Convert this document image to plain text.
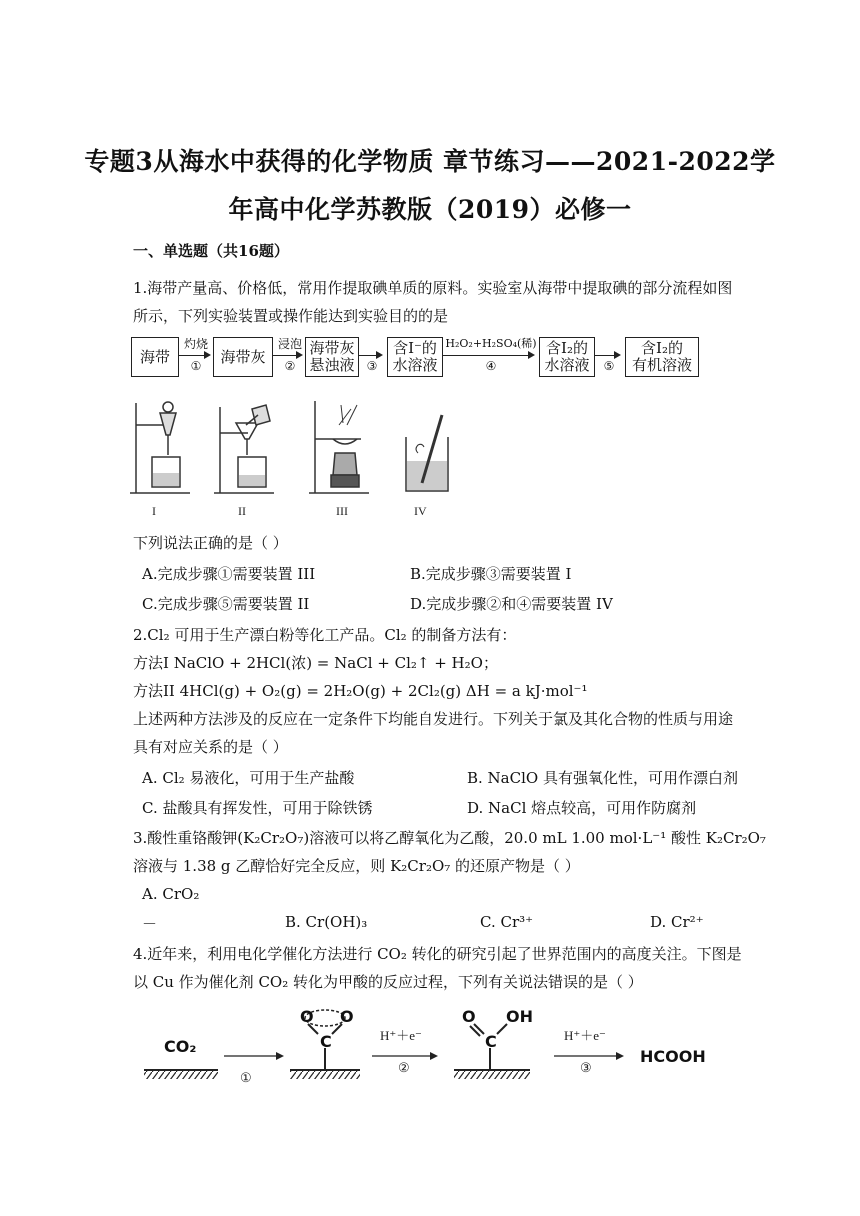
专题3从海水中获得的化学物质 章节练习——2021-2022学
年高中化学苏教版（2019）必修一
一、单选题（共16题）
1.海带产量高、价格低，常用作提取碘单质的原料。实验室从海带中提取碘的部分流程如图
所示，下列实验装置或操作能达到实验目的的是
海带
灼烧
①
海带灰
浸泡
②
海带灰
悬浊液	③
含I⁻的
水溶液
H₂O₂+H₂SO₄(稀)
④
含I₂的
水溶液	⑤
含I₂的
有机溶液
I	II	III	IV
下列说法正确的是（ ）
A.完成步骤①需要装置 III	B.完成步骤③需要装置 I
C.完成步骤⑤需要装置 II	D.完成步骤②和④需要装置 IV
2.Cl₂ 可用于生产漂白粉等化工产品。Cl₂ 的制备方法有：
方法I NaClO + 2HCl(浓) = NaCl + Cl₂↑ + H₂O；
方法II 4HCl(g) + O₂(g) = 2H₂O(g) + 2Cl₂(g) ΔH = a kJ·mol⁻¹
上述两种方法涉及的反应在一定条件下均能自发进行。下列关于氯及其化合物的性质与用途
具有对应关系的是（ ）
A. Cl₂ 易液化，可用于生产盐酸	B. NaClO 具有强氧化性，可用作漂白剂
C. 盐酸具有挥发性，可用于除铁锈	D. NaCl 熔点较高，可用作防腐剂
3.酸性重铬酸钾(K₂Cr₂O₇)溶液可以将乙醇氧化为乙酸，20.0 mL 1.00 mol·L⁻¹ 酸性 K₂Cr₂O₇
溶液与 1.38 g 乙醇恰好完全反应，则 K₂Cr₂O₇ 的还原产物是（ ）
A. CrO₂
－	B. Cr(OH)₃	C. Cr³⁺	D. Cr²⁺
4.近年来，利用电化学催化方法进行 CO₂ 转化的研究引起了世界范围内的高度关注。下图是
以 Cu 作为催化剂 CO₂ 转化为甲酸的反应过程，下列有关说法错误的是（ ）
CO₂
O O
C
O OH
C
HCOOH
①
H⁺＋e⁻
②
H⁺＋e⁻
③
